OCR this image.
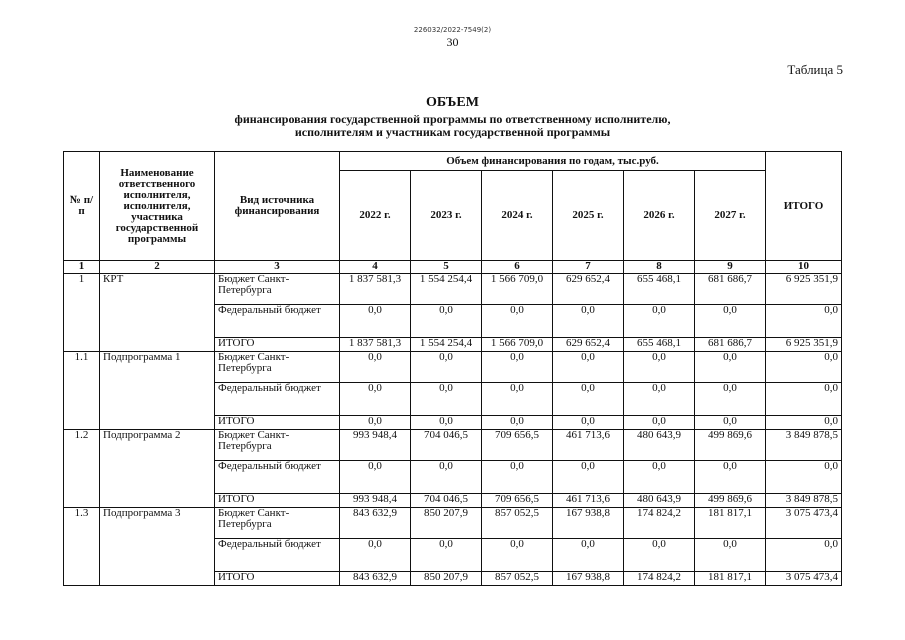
226032/2022-7549(2)
30
Таблица 5
ОБЪЕМ
финансирования государственной программы по ответственному исполнителю,
исполнителям и участникам государственной программы
№ п/п	Наименование ответственного исполнителя, исполнителя, участника государственной программы	Вид источника финансирования	Объем финансирования по годам, тыс.руб.						ИТОГО
			2022 г.	2023 г.	2024 г.	2025 г.	2026 г.	2027 г.	
1	2	3	4	5	6	7	8	9	10
1	КРТ	Бюджет Санкт-Петербурга	1 837 581,3	1 554 254,4	1 566 709,0	629 652,4	655 468,1	681 686,7	6 925 351,9
		Федеральный бюджет	0,0	0,0	0,0	0,0	0,0	0,0	0,0
		ИТОГО	1 837 581,3	1 554 254,4	1 566 709,0	629 652,4	655 468,1	681 686,7	6 925 351,9
1.1	Подпрограмма 1	Бюджет Санкт-Петербурга	0,0	0,0	0,0	0,0	0,0	0,0	0,0
		Федеральный бюджет	0,0	0,0	0,0	0,0	0,0	0,0	0,0
		ИТОГО	0,0	0,0	0,0	0,0	0,0	0,0	0,0
1.2	Подпрограмма 2	Бюджет Санкт-Петербурга	993 948,4	704 046,5	709 656,5	461 713,6	480 643,9	499 869,6	3 849 878,5
		Федеральный бюджет	0,0	0,0	0,0	0,0	0,0	0,0	0,0
		ИТОГО	993 948,4	704 046,5	709 656,5	461 713,6	480 643,9	499 869,6	3 849 878,5
1.3	Подпрограмма 3	Бюджет Санкт-Петербурга	843 632,9	850 207,9	857 052,5	167 938,8	174 824,2	181 817,1	3 075 473,4
		Федеральный бюджет	0,0	0,0	0,0	0,0	0,0	0,0	0,0
		ИТОГО	843 632,9	850 207,9	857 052,5	167 938,8	174 824,2	181 817,1	3 075 473,4
